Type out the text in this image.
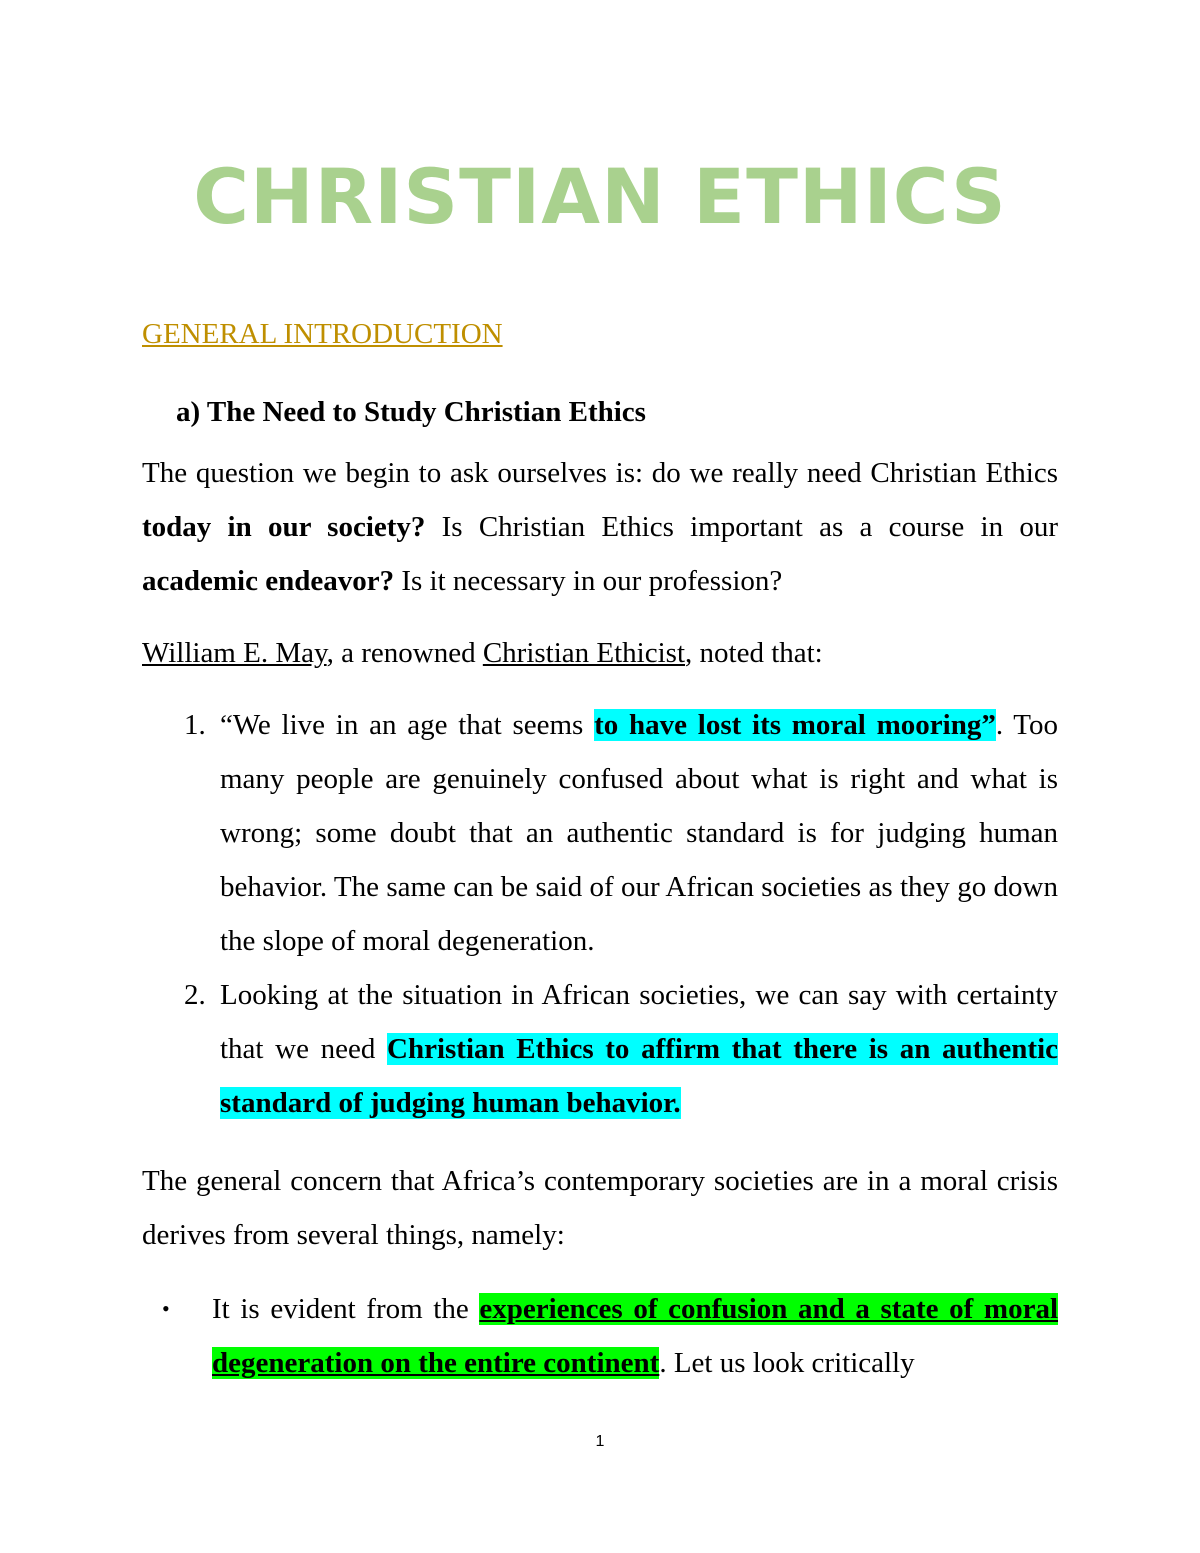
CHRISTIAN ETHICS
GENERAL INTRODUCTION
a) The Need to Study Christian Ethics

The question we begin to ask ourselves is: do we really need Christian Ethics today in our society? Is Christian Ethics important as a course in our academic endeavor? Is it necessary in our profession?

William E. May, a renowned Christian Ethicist, noted that:

1. “We live in an age that seems to have lost its moral mooring”. Too many people are genuinely confused about what is right and what is wrong; some doubt that an authentic standard is for judging human behavior. The same can be said of our African societies as they go down the slope of moral degeneration.
2. Looking at the situation in African societies, we can say with certainty that we need Christian Ethics to affirm that there is an authentic standard of judging human behavior.

The general concern that Africa’s contemporary societies are in a moral crisis derives from several things, namely:

• It is evident from the experiences of confusion and a state of moral degeneration on the entire continent. Let us look critically
1
